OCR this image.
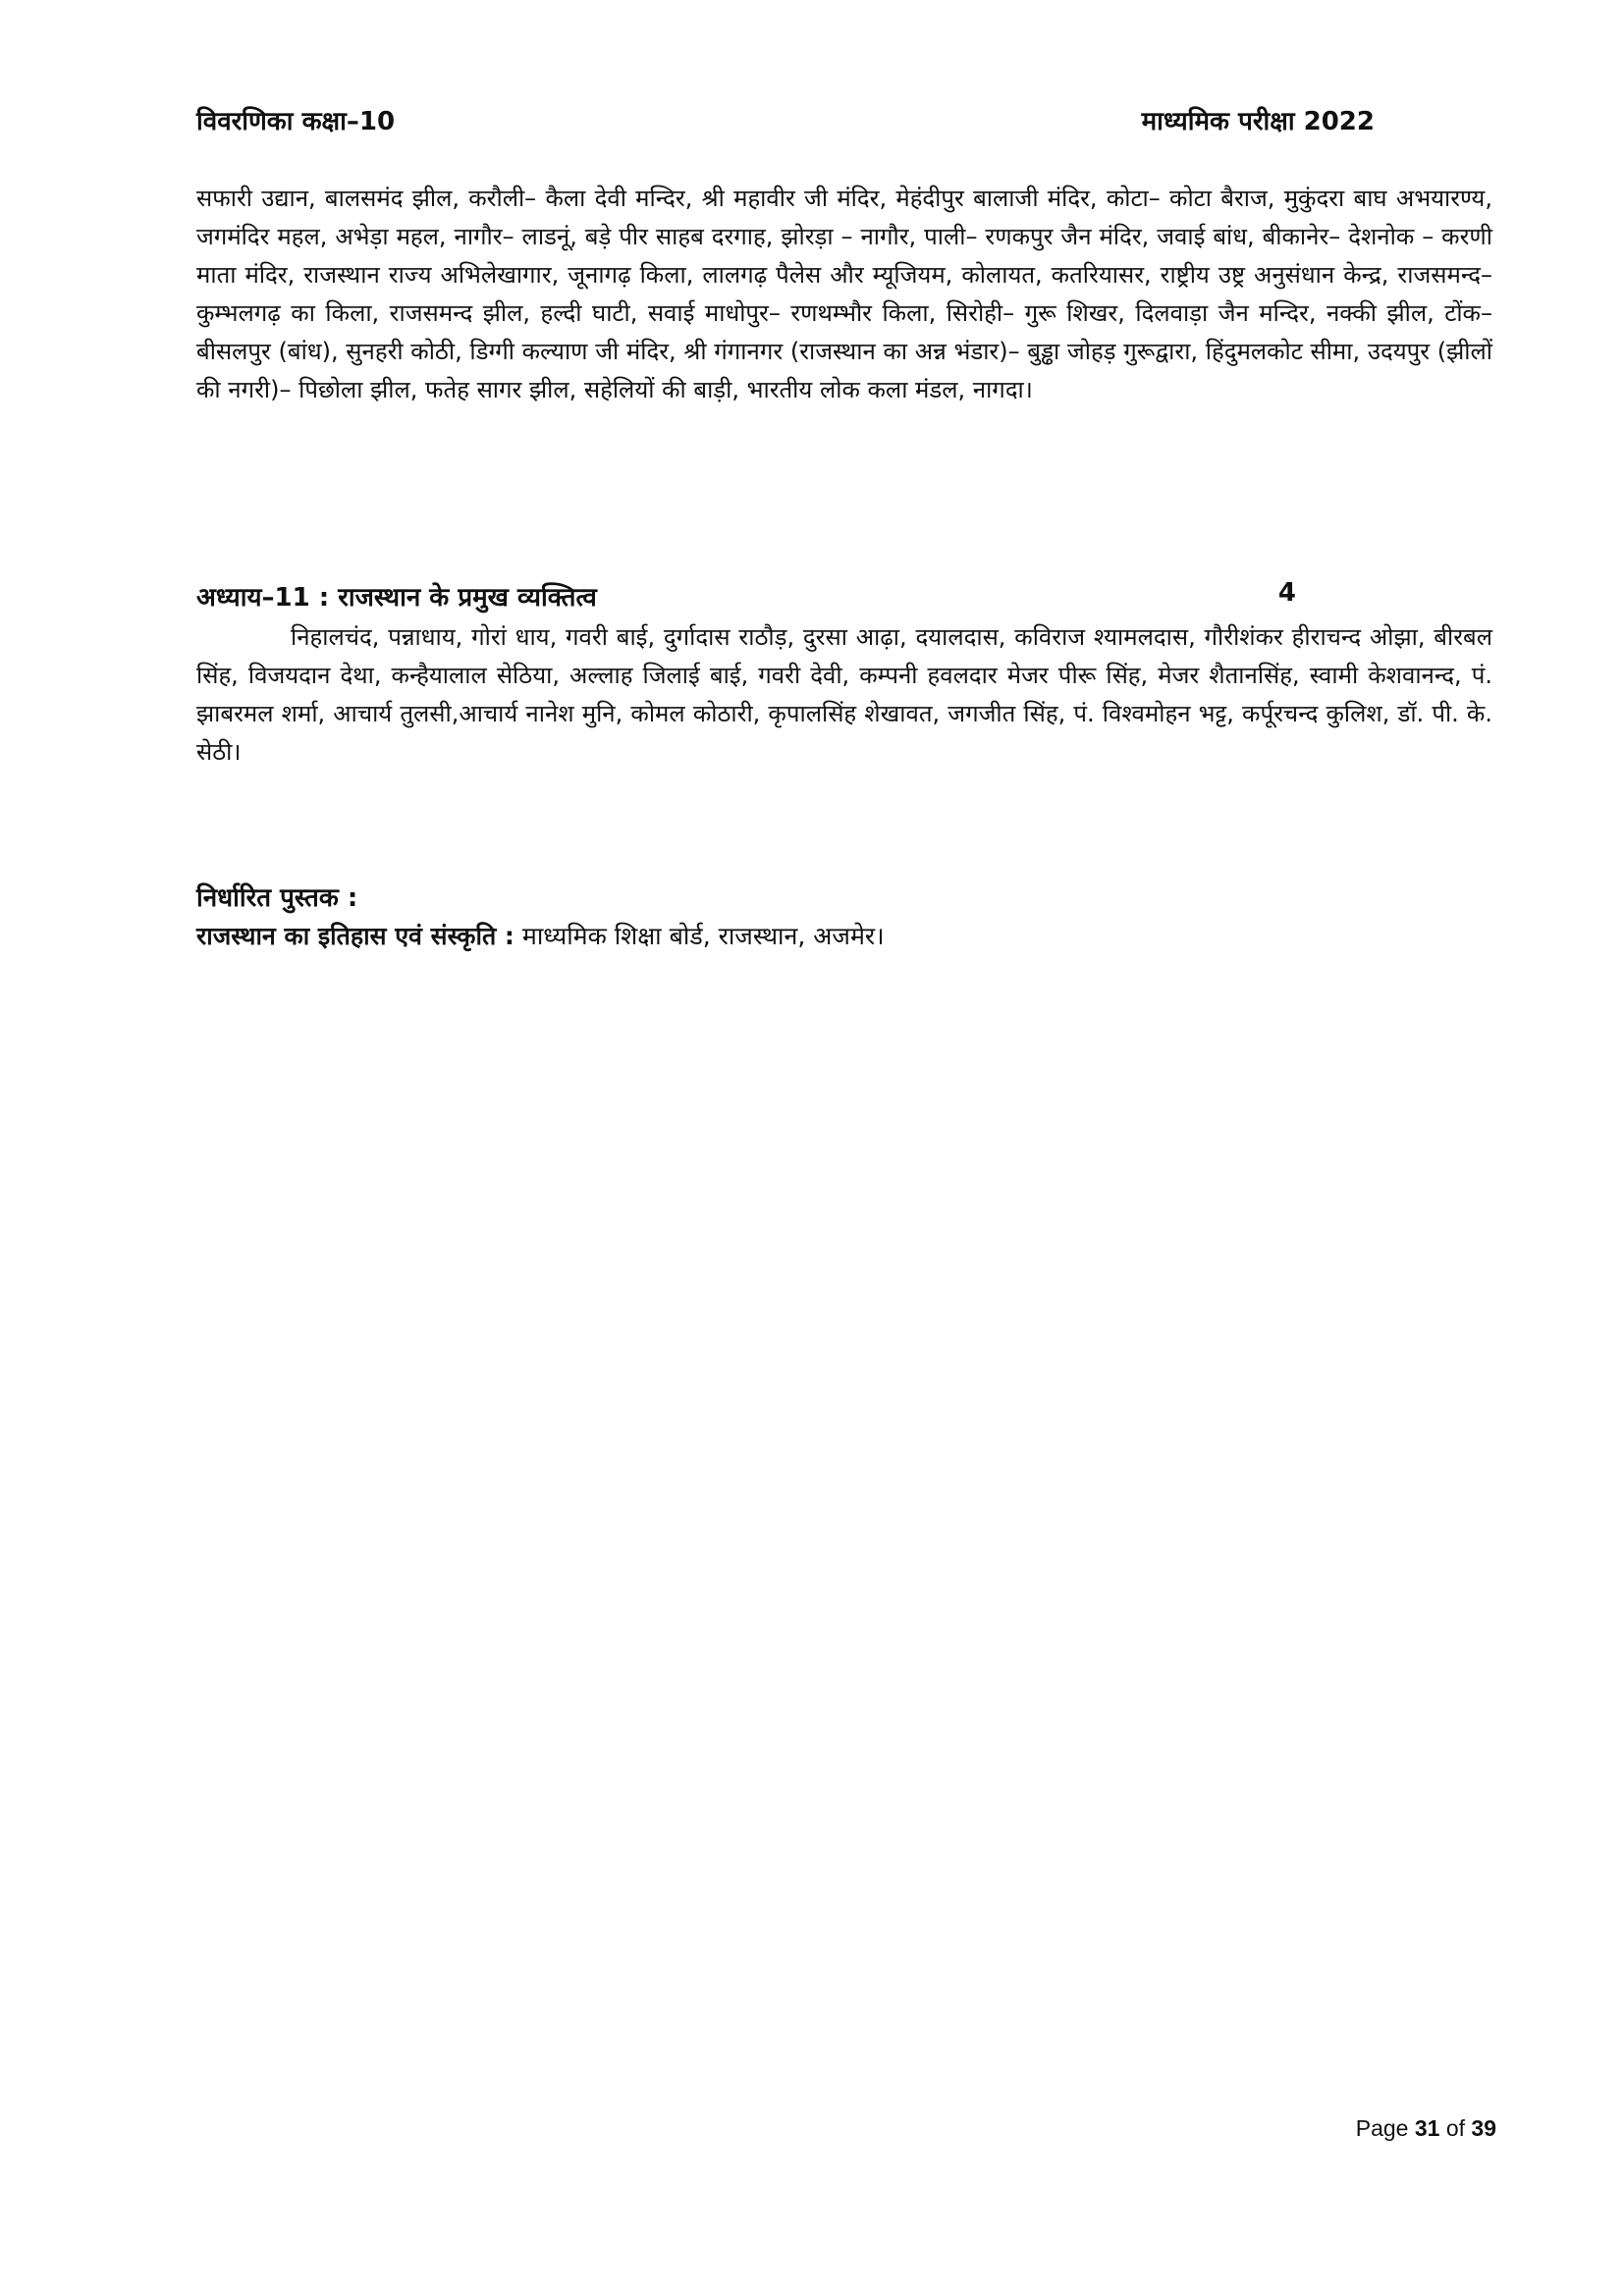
विवरणिका कक्षा–10	माध्यमिक परीक्षा 2022
सफारी उद्यान, बालसमंद झील, करौली– कैला देवी मन्दिर, श्री महावीर जी मंदिर, मेहंदीपुर बालाजी मंदिर, कोटा– कोटा बैराज, मुकुंदरा बाघ अभयारण्य, जगमंदिर महल, अभेड़ा महल, नागौर– लाडनूं, बड़े पीर साहब दरगाह, झोरड़ा – नागौर, पाली– रणकपुर जैन मंदिर, जवाई बांध, बीकानेर– देशनोक – करणी माता मंदिर, राजस्थान राज्य अभिलेखागार, जूनागढ़ किला, लालगढ़ पैलेस और म्यूजियम, कोलायत, कतरियासर, राष्ट्रीय उष्ट्र अनुसंधान केन्द्र, राजसमन्द– कुम्भलगढ़ का किला, राजसमन्द झील, हल्दी घाटी, सवाई माधोपुर– रणथम्भौर किला, सिरोही– गुरू शिखर, दिलवाड़ा जैन मन्दिर, नक्की झील, टोंक– बीसलपुर (बांध), सुनहरी कोठी, डिग्गी कल्याण जी मंदिर, श्री गंगानगर (राजस्थान का अन्न भंडार)– बुड्ढा जोहड़ गुरूद्वारा, हिंदुमलकोट सीमा, उदयपुर (झीलों की नगरी)– पिछोला झील, फतेह सागर झील, सहेलियों की बाड़ी, भारतीय लोक कला मंडल, नागदा।
अध्याय–11 : राजस्थान के प्रमुख व्यक्तित्व	4
निहालचंद, पन्नाधाय, गोरां धाय, गवरी बाई, दुर्गादास राठौड़, दुरसा आढ़ा, दयालदास, कविराज श्यामलदास, गौरीशंकर हीराचन्द ओझा, बीरबल सिंह, विजयदान देथा, कन्हैयालाल सेठिया, अल्लाह जिलाई बाई, गवरी देवी, कम्पनी हवलदार मेजर पीरू सिंह, मेजर शैतानसिंह, स्वामी केशवानन्द, पं. झाबरमल शर्मा, आचार्य तुलसी,आचार्य नानेश मुनि, कोमल कोठारी, कृपालसिंह शेखावत, जगजीत सिंह, पं. विश्वमोहन भट्ट, कर्पूरचन्द कुलिश, डॉ. पी. के. सेठी।
निर्धारित पुस्तक :
राजस्थान का इतिहास एवं संस्कृति : माध्यमिक शिक्षा बोर्ड, राजस्थान, अजमेर।
Page 31 of 39
